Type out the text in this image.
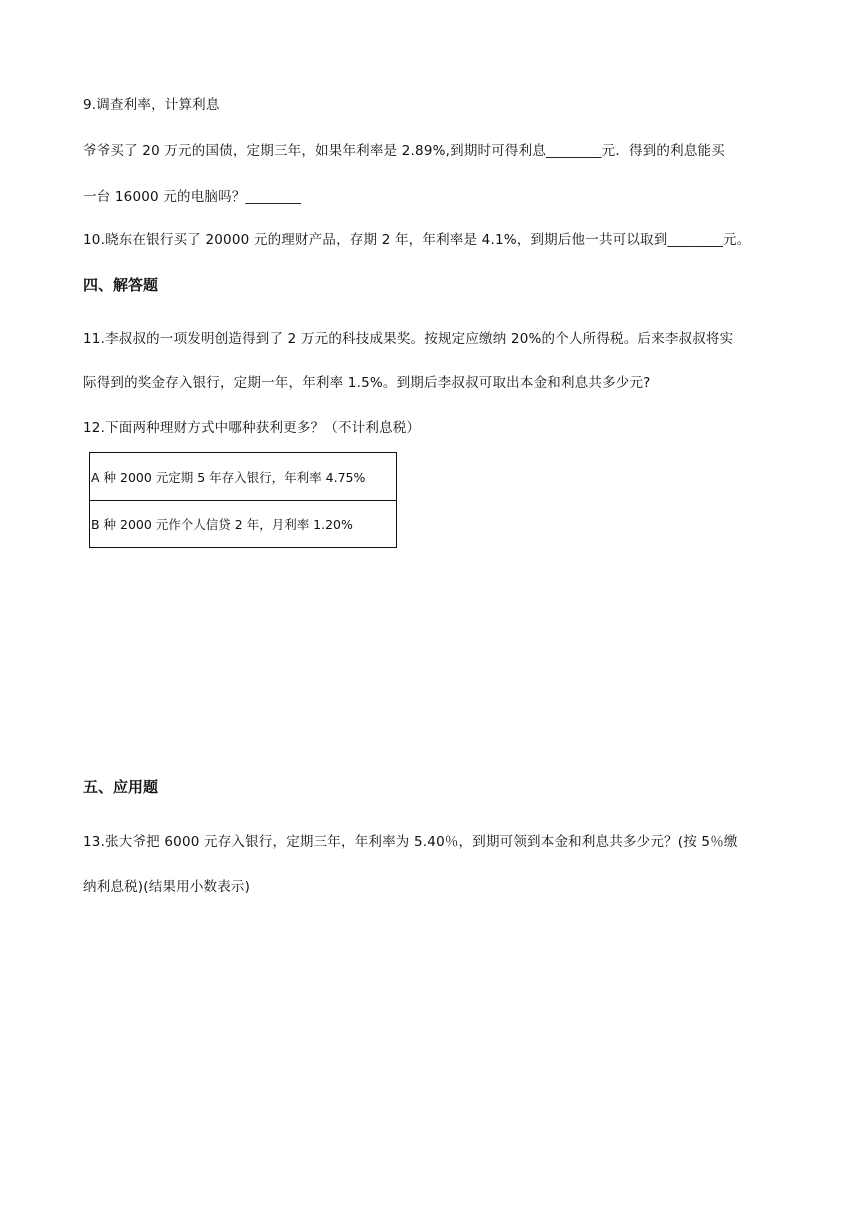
9.调查利率，计算利息
爷爷买了 20 万元的国债，定期三年，如果年利率是 2.89%,到期时可得利息________元．得到的利息能买
一台 16000 元的电脑吗？________
10.晓东在银行买了 20000 元的理财产品，存期 2 年，年利率是 4.1%，到期后他一共可以取到________元。
四、解答题
11.李叔叔的一项发明创造得到了 2 万元的科技成果奖。按规定应缴纳 20%的个人所得税。后来李叔叔将实
际得到的奖金存入银行，定期一年，年利率 1.5%。到期后李叔叔可取出本金和利息共多少元?
12.下面两种理财方式中哪种获利更多？（不计利息税）
A 种 2000 元定期 5 年存入银行，年利率 4.75%
B 种 2000 元作个人信贷 2 年，月利率 1.20%
五、应用题
13.张大爷把 6000 元存入银行，定期三年，年利率为 5.40％，到期可领到本金和利息共多少元？(按 5％缴
纳利息税)(结果用小数表示)
